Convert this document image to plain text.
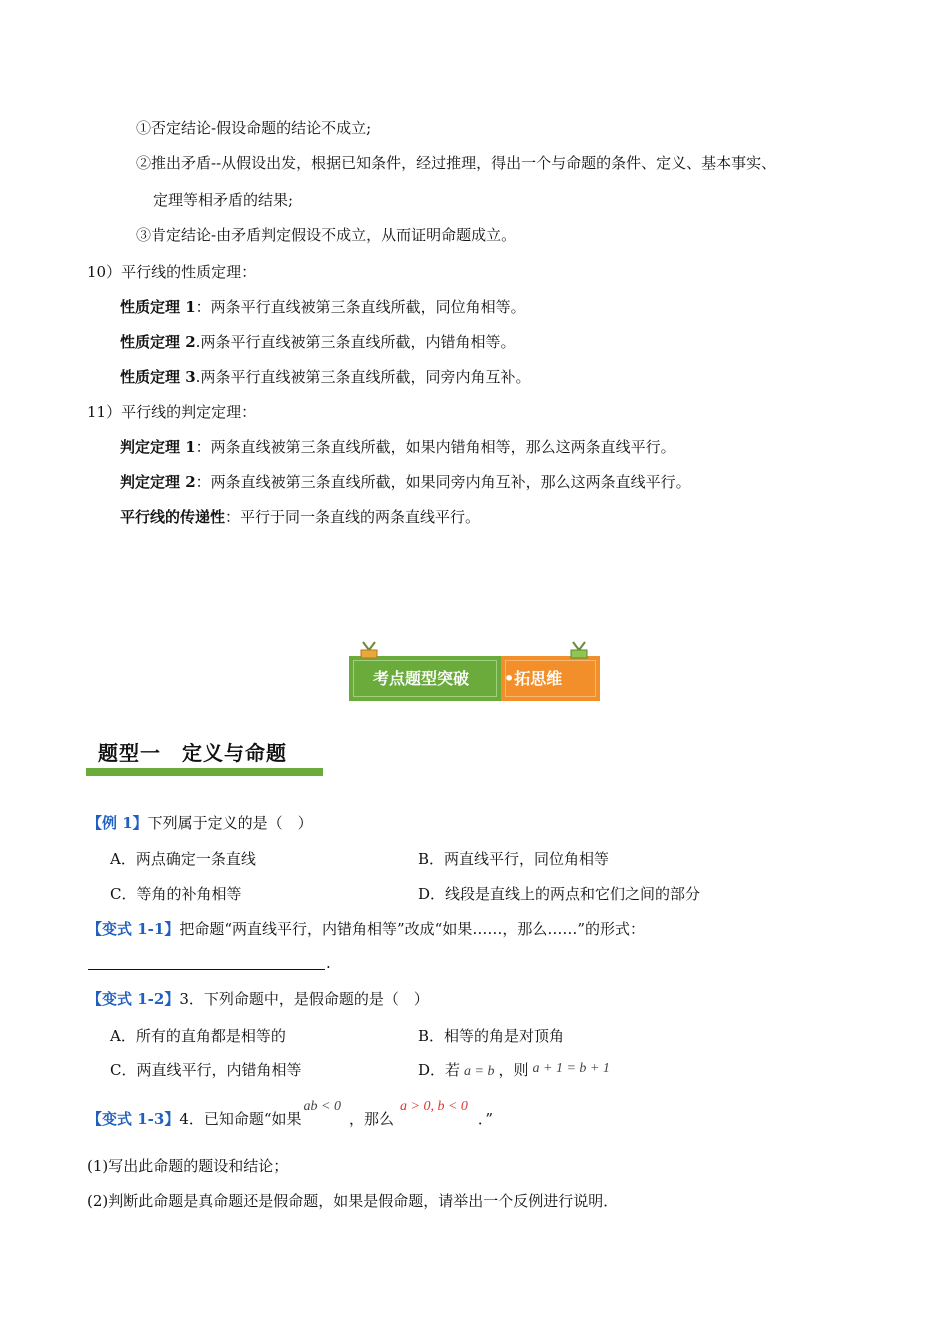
①否定结论-假设命题的结论不成立;
②推出矛盾--从假设出发，根据已知条件，经过推理，得出一个与命题的条件、定义、基本事实、
定理等相矛盾的结果;
③肯定结论-由矛盾判定假设不成立，从而证明命题成立。
10）平行线的性质定理：
性质定理 1：两条平行直线被第三条直线所截，同位角相等。
性质定理 2.两条平行直线被第三条直线所截，内错角相等。
性质定理 3.两条平行直线被第三条直线所截，同旁内角互补。
11）平行线的判定定理：
判定定理 1：两条直线被第三条直线所截，如果内错角相等，那么这两条直线平行。
判定定理 2：两条直线被第三条直线所截，如果同旁内角互补，那么这两条直线平行。
平行线的传递性：平行于同一条直线的两条直线平行。
考点题型突破 •拓思维
题型一　定义与命题
【例 1】下列属于定义的是（　）
A．两点确定一条直线	B．两直线平行，同位角相等
C．等角的补角相等	D．线段是直线上的两点和它们之间的部分
【变式 1-1】把命题“两直线平行，内错角相等”改成“如果……，那么……”的形式：
.
【变式 1-2】3．下列命题中，是假命题的是（　）
A．所有的直角都是相等的	B．相等的角是对顶角
C．两直线平行，内错角相等	D．若 a = b ，则 a + 1 = b + 1
【变式 1-3】4．已知命题“如果ab < 0，那么a > 0, b < 0．”
(1)写出此命题的题设和结论；
(2)判断此命题是真命题还是假命题，如果是假命题，请举出一个反例进行说明．
